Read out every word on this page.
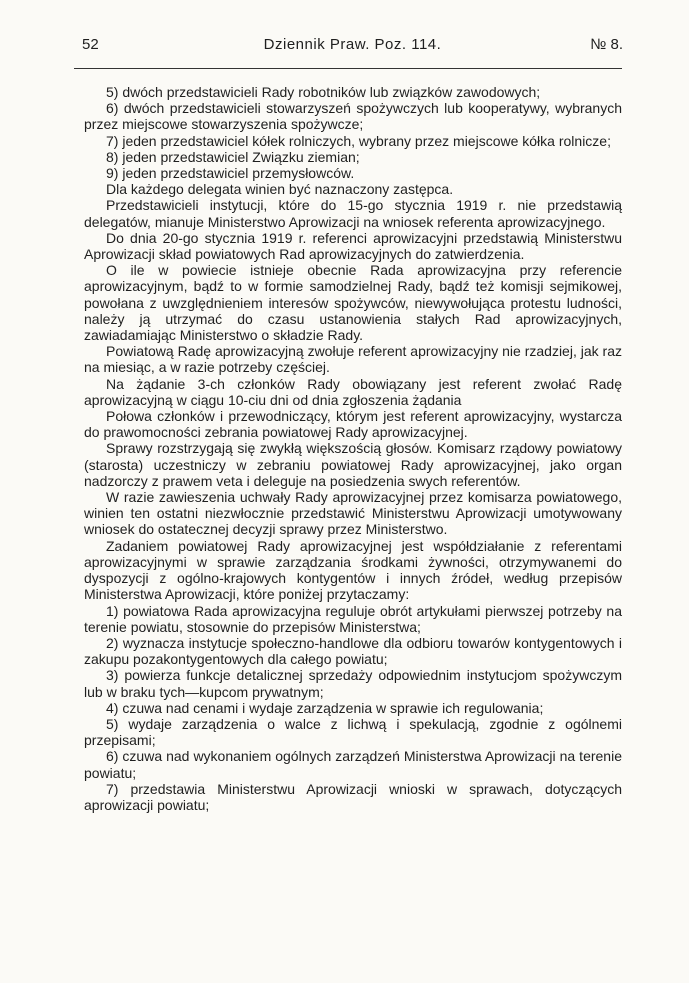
52	Dziennik Praw. Poz. 114.	№ 8.

5) dwóch przedstawicieli Rady robotników lub związków zawodowych;

6) dwóch przedstawicieli stowarzyszeń spożywczych lub kooperatywy, wybranych przez miejscowe stowarzyszenia spożywcze;

7) jeden przedstawiciel kółek rolniczych, wybrany przez miejscowe kółka rolnicze;

8) jeden przedstawiciel Związku ziemian;

9) jeden przedstawiciel przemysłowców.

Dla każdego delegata winien być naznaczony zastępca.

Przedstawicieli instytucji, które do 15-go stycznia 1919 r. nie przedstawią delegatów, mianuje Ministerstwo Aprowizacji na wniosek referenta aprowizacyjnego.

Do dnia 20-go stycznia 1919 r. referenci aprowizacyjni przedstawią Ministerstwu Aprowizacji skład powiatowych Rad aprowizacyjnych do zatwierdzenia.

O ile w powiecie istnieje obecnie Rada aprowizacyjna przy referencie aprowizacyjnym, bądź to w formie samodzielnej Rady, bądź też komisji sejmikowej, powołana z uwzględnieniem interesów spożywców, niewywołująca protestu ludności, należy ją utrzymać do czasu ustanowienia stałych Rad aprowizacyjnych, zawiadamiając Ministerstwo o składzie Rady.

Powiatową Radę aprowizacyjną zwołuje referent aprowizacyjny nie rzadziej, jak raz na miesiąc, a w razie potrzeby częściej.

Na żądanie 3-ch członków Rady obowiązany jest referent zwołać Radę aprowizacyjną w ciągu 10-ciu dni od dnia zgłoszenia żądania

Połowa członków i przewodniczący, którym jest referent aprowizacyjny, wystarcza do prawomocności zebrania powiatowej Rady aprowizacyjnej.

Sprawy rozstrzygają się zwykłą większością głosów. Komisarz rządowy powiatowy (starosta) uczestniczy w zebraniu powiatowej Rady aprowizacyjnej, jako organ nadzorczy z prawem veta i deleguje na posiedzenia swych referentów.

W razie zawieszenia uchwały Rady aprowizacyjnej przez komisarza powiatowego, winien ten ostatni niezwłocznie przedstawić Ministerstwu Aprowizacji umotywowany wniosek do ostatecznej decyzji sprawy przez Ministerstwo.

Zadaniem powiatowej Rady aprowizacyjnej jest współdziałanie z referentami aprowizacyjnymi w sprawie zarządzania środkami żywności, otrzymywanemi do dyspozycji z ogólno-krajowych kontygentów i innych źródeł, według przepisów Ministerstwa Aprowizacji, które poniżej przytaczamy:

1) powiatowa Rada aprowizacyjna reguluje obrót artykułami pierwszej potrzeby na terenie powiatu, stosownie do przepisów Ministerstwa;

2) wyznacza instytucje społeczno-handlowe dla odbioru towarów kontygentowych i zakupu pozakontygentowych dla całego powiatu;

3) powierza funkcje detalicznej sprzedaży odpowiednim instytucjom spożywczym lub w braku tych—kupcom prywatnym;

4) czuwa nad cenami i wydaje zarządzenia w sprawie ich regulowania;

5) wydaje zarządzenia o walce z lichwą i spekulacją, zgodnie z ogólnemi przepisami;

6) czuwa nad wykonaniem ogólnych zarządzeń Ministerstwa Aprowizacji na terenie powiatu;

7) przedstawia Ministerstwu Aprowizacji wnioski w sprawach, dotyczących aprowizacji powiatu;
